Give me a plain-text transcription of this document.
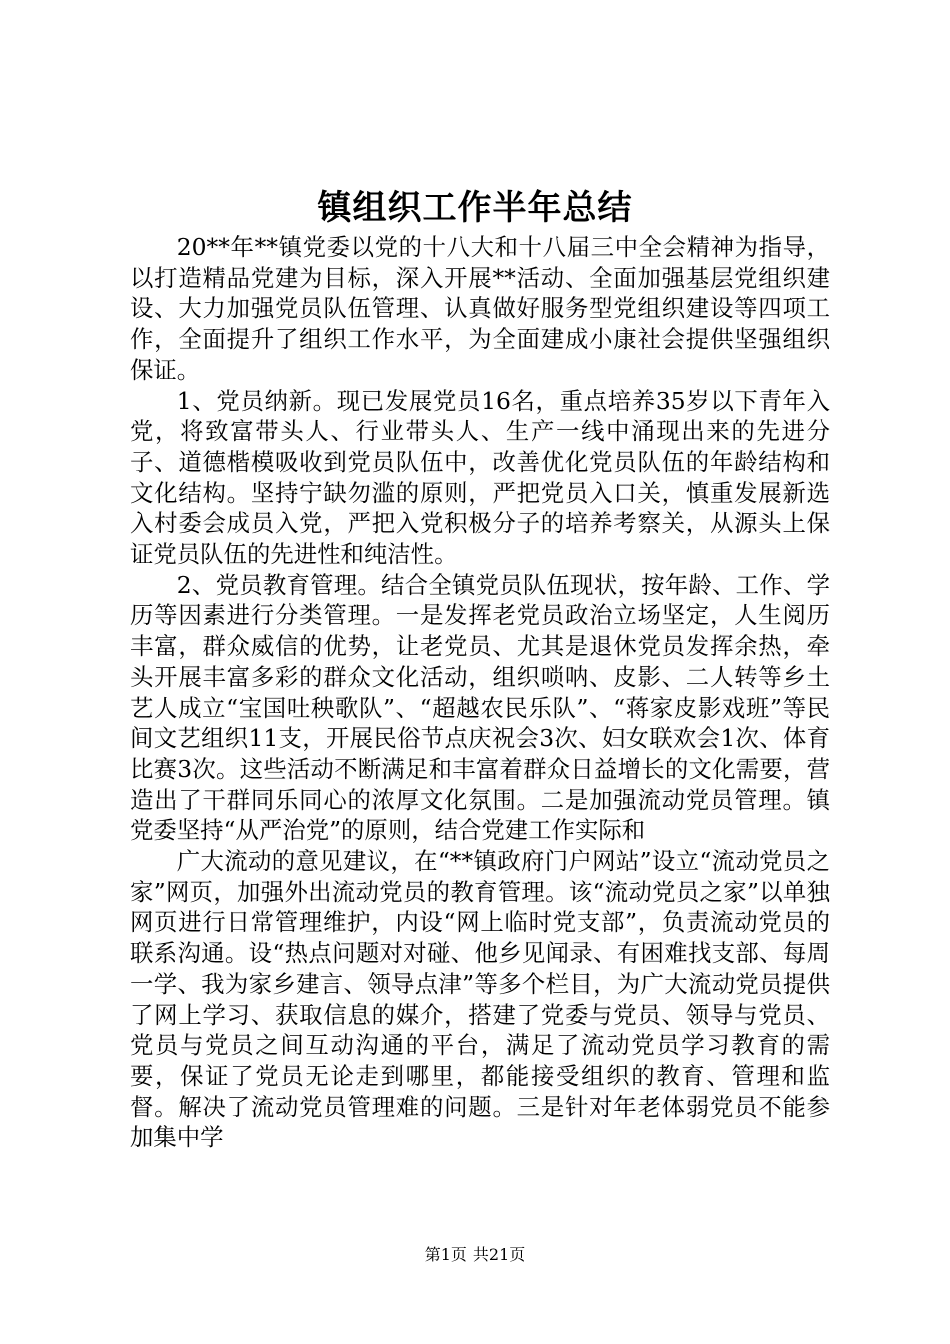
镇组织工作半年总结

20**年**镇党委以党的十八大和十八届三中全会精神为指导，以打造精品党建为目标，深入开展**活动、全面加强基层党组织建设、大力加强党员队伍管理、认真做好服务型党组织建设等四项工作，全面提升了组织工作水平，为全面建成小康社会提供坚强组织保证。

1、党员纳新。现已发展党员16名，重点培养35岁以下青年入党，将致富带头人、行业带头人、生产一线中涌现出来的先进分子、道德楷模吸收到党员队伍中，改善优化党员队伍的年龄结构和文化结构。坚持宁缺勿滥的原则，严把党员入口关，慎重发展新选入村委会成员入党，严把入党积极分子的培养考察关，从源头上保证党员队伍的先进性和纯洁性。

2、党员教育管理。结合全镇党员队伍现状，按年龄、工作、学历等因素进行分类管理。一是发挥老党员政治立场坚定，人生阅历丰富，群众威信的优势，让老党员、尤其是退休党员发挥余热，牵头开展丰富多彩的群众文化活动，组织唢呐、皮影、二人转等乡土艺人成立“宝国吐秧歌队”、“超越农民乐队”、“蒋家皮影戏班”等民间文艺组织11支，开展民俗节点庆祝会3次、妇女联欢会1次、体育比赛3次。这些活动不断满足和丰富着群众日益增长的文化需要，营造出了干群同乐同心的浓厚文化氛围。二是加强流动党员管理。镇党委坚持“从严治党”的原则，结合党建工作实际和

广大流动的意见建议，在“**镇政府门户网站”设立“流动党员之家”网页，加强外出流动党员的教育管理。该“流动党员之家”以单独网页进行日常管理维护，内设“网上临时党支部”，负责流动党员的联系沟通。设“热点问题对对碰、他乡见闻录、有困难找支部、每周一学、我为家乡建言、领导点津”等多个栏目，为广大流动党员提供了网上学习、获取信息的媒介，搭建了党委与党员、领导与党员、党员与党员之间互动沟通的平台，满足了流动党员学习教育的需要，保证了党员无论走到哪里，都能接受组织的教育、管理和监督。解决了流动党员管理难的问题。三是针对年老体弱党员不能参加集中学

第1页 共21页
